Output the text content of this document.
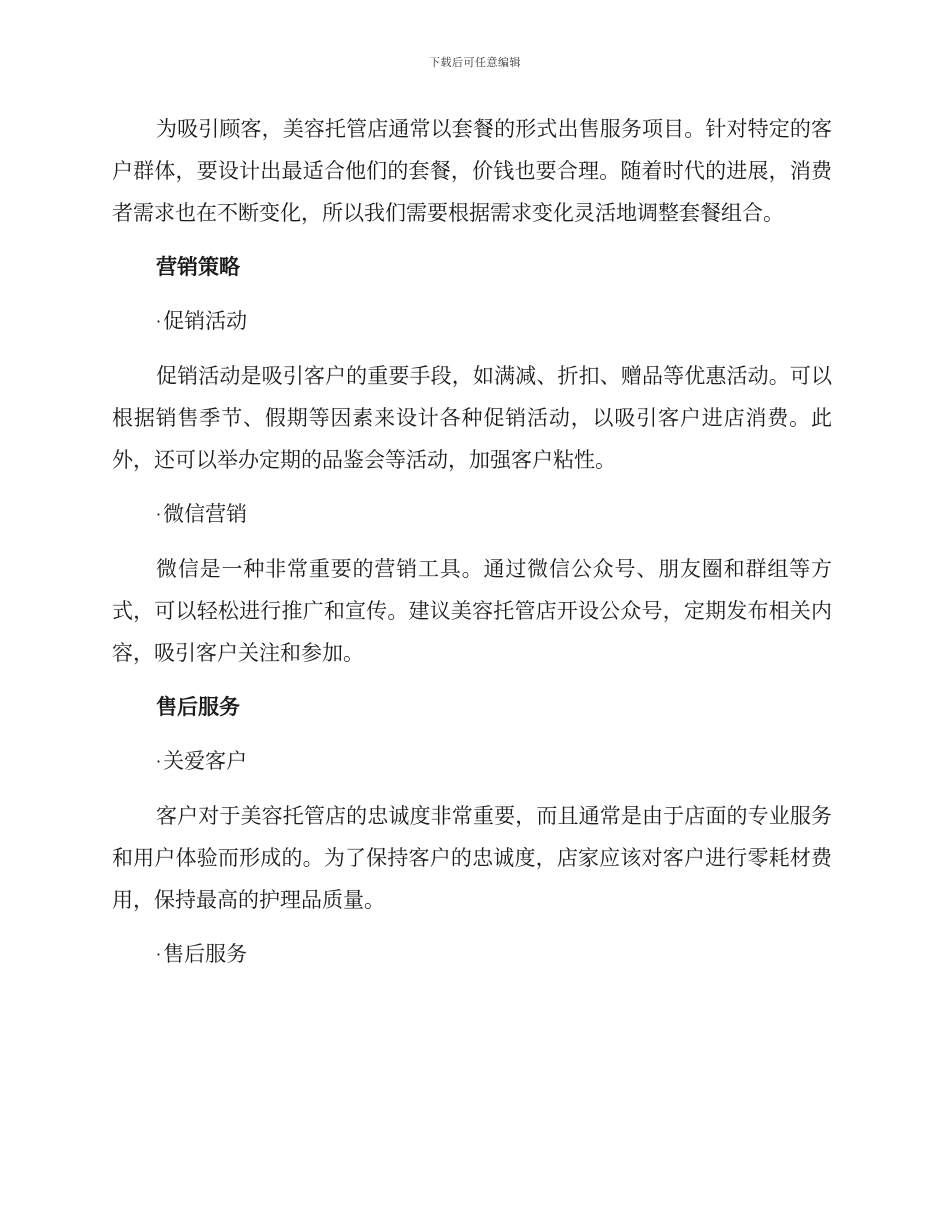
下载后可任意编辑

为吸引顾客，美容托管店通常以套餐的形式出售服务项目。针对特定的客户群体，要设计出最适合他们的套餐，价钱也要合理。随着时代的进展，消费者需求也在不断变化，所以我们需要根据需求变化灵活地调整套餐组合。

营销策略
·促销活动

促销活动是吸引客户的重要手段，如满减、折扣、赠品等优惠活动。可以根据销售季节、假期等因素来设计各种促销活动，以吸引客户进店消费。此外，还可以举办定期的品鉴会等活动，加强客户粘性。

·微信营销

微信是一种非常重要的营销工具。通过微信公众号、朋友圈和群组等方式，可以轻松进行推广和宣传。建议美容托管店开设公众号，定期发布相关内容，吸引客户关注和参加。

售后服务
·关爱客户

客户对于美容托管店的忠诚度非常重要，而且通常是由于店面的专业服务和用户体验而形成的。为了保持客户的忠诚度，店家应该对客户进行零耗材费用，保持最高的护理品质量。

·售后服务
